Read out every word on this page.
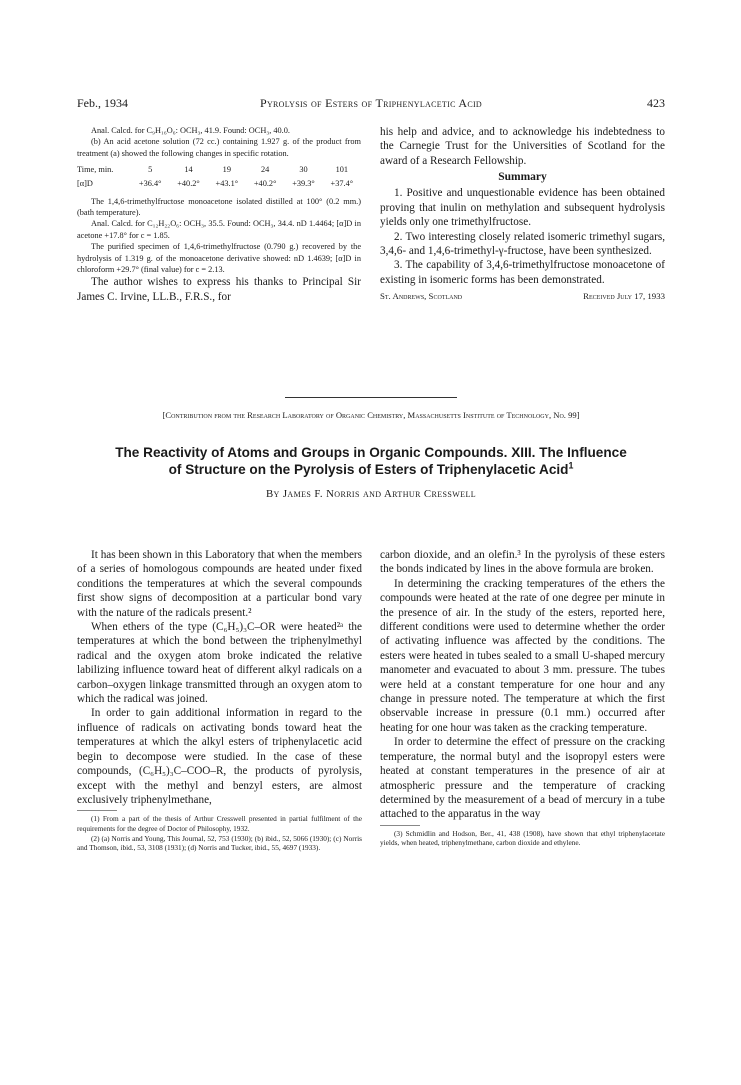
Feb., 1934	Pyrolysis of Esters of Triphenylacetic Acid	423

Anal. Calcd. for C₉H₁₆O₆: OCH₃, 41.9. Found: OCH₃, 40.0.

(b) An acid acetone solution (72 cc.) containing 1.927 g. of the product from treatment (a) showed the following changes in specific rotation.

Time, min.	5	14	19	24	30	101
[α]D	+36.4°	+40.2°	+43.1°	+40.2°	+39.3°	+37.4°

The 1,4,6-trimethylfructose monoacetone isolated distilled at 100° (0.2 mm.) (bath temperature).

Anal. Calcd. for C₁₂H₂₂O₆: OCH₃, 35.5. Found: OCH₃, 34.4. nD 1.4464; [α]D in acetone +17.8° for c = 1.85.

The purified specimen of 1,4,6-trimethylfructose (0.790 g.) recovered by the hydrolysis of 1.319 g. of the monoacetone derivative showed: nD 1.4639; [α]D in chloroform +29.7° (final value) for c = 2.13.

The author wishes to express his thanks to Principal Sir James C. Irvine, LL.B., F.R.S., for

his help and advice, and to acknowledge his indebtedness to the Carnegie Trust for the Universities of Scotland for the award of a Research Fellowship.

Summary

1. Positive and unquestionable evidence has been obtained proving that inulin on methylation and subsequent hydrolysis yields only one trimethylfructose.

2. Two interesting closely related isomeric trimethyl sugars, 3,4,6- and 1,4,6-trimethyl-γ-fructose, have been synthesized.

3. The capability of 3,4,6-trimethylfructose monoacetone of existing in isomeric forms has been demonstrated.

St. Andrews, Scotland	Received July 17, 1933
[Contribution from the Research Laboratory of Organic Chemistry, Massachusetts Institute of Technology, No. 99]
The Reactivity of Atoms and Groups in Organic Compounds. XIII. The Influence
of Structure on the Pyrolysis of Esters of Triphenylacetic Acid$^1$
By James F. Norris and Arthur Cresswell

It has been shown in this Laboratory that when the members of a series of homologous compounds are heated under fixed conditions the temperatures at which the several compounds first show signs of decomposition at a particular bond vary with the nature of the radicals present.²

When ethers of the type (C₆H₅)₃C–OR were heated²ᵃ the temperatures at which the bond between the triphenylmethyl radical and the oxygen atom broke indicated the relative labilizing influence toward heat of different alkyl radicals on a carbon–oxygen linkage transmitted through an oxygen atom to which the radical was joined.

In order to gain additional information in regard to the influence of radicals on activating bonds toward heat the temperatures at which the alkyl esters of triphenylacetic acid begin to decompose were studied. In the case of these compounds, (C₆H₅)₃C–COO–R, the products of pyrolysis, except with the methyl and benzyl esters, are almost exclusively triphenylmethane,

(1) From a part of the thesis of Arthur Cresswell presented in partial fulfilment of the requirements for the degree of Doctor of Philosophy, 1932.

(2) (a) Norris and Young, This Journal, 52, 753 (1930); (b) ibid., 52, 5066 (1930); (c) Norris and Thomson, ibid., 53, 3108 (1931); (d) Norris and Tucker, ibid., 55, 4697 (1933).

carbon dioxide, and an olefin.³ In the pyrolysis of these esters the bonds indicated by lines in the above formula are broken.

In determining the cracking temperatures of the ethers the compounds were heated at the rate of one degree per minute in the presence of air. In the study of the esters, reported here, different conditions were used to determine whether the order of activating influence was affected by the conditions. The esters were heated in tubes sealed to a small U-shaped mercury manometer and evacuated to about 3 mm. pressure. The tubes were held at a constant temperature for one hour and any change in pressure noted. The temperature at which the first observable increase in pressure (0.1 mm.) occurred after heating for one hour was taken as the cracking temperature.

In order to determine the effect of pressure on the cracking temperature, the normal butyl and the isopropyl esters were heated at constant temperatures in the presence of air at atmospheric pressure and the temperature of cracking determined by the measurement of a bead of mercury in a tube attached to the apparatus in the way

(3) Schmidlin and Hodson, Ber., 41, 438 (1908), have shown that ethyl triphenylacetate yields, when heated, triphenylmethane, carbon dioxide and ethylene.
